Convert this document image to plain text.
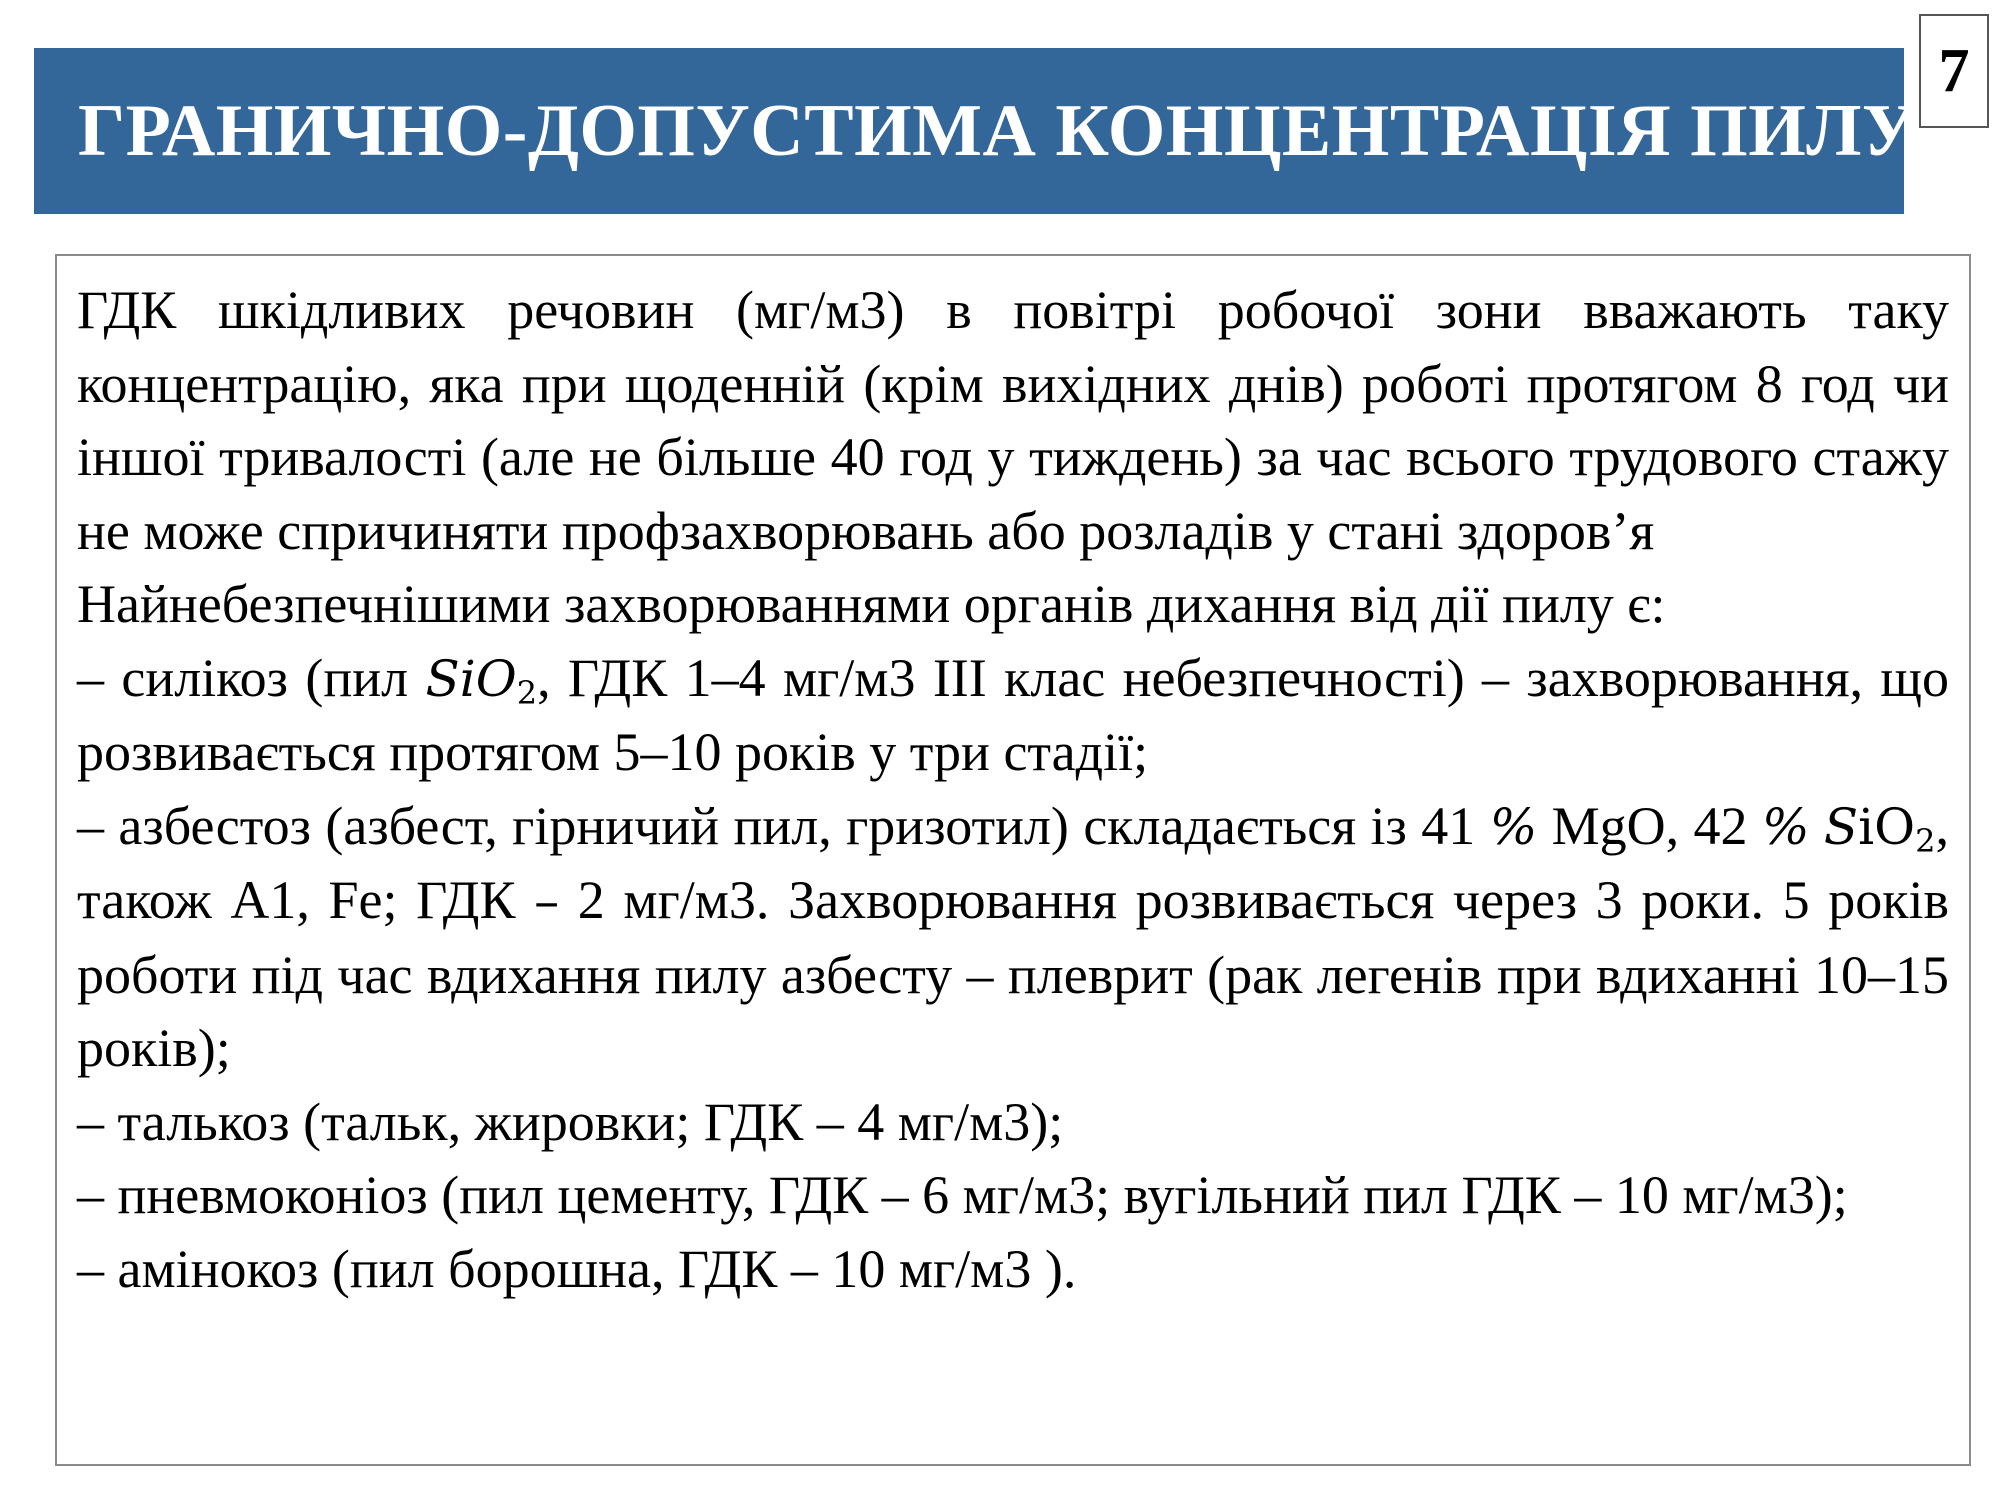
ГРАНИЧНО-ДОПУСТИМА КОНЦЕНТРАЦІЯ ПИЛУ
7

ГДК шкідливих речовин (мг/м3) в повітрі робочої зони вважають таку концентрацію, яка при щоденній (крім вихідних днів) роботі протягом 8 год чи іншої тривалості (але не більше 40 год у тиждень) за час всього трудового стажу не може спричиняти профзахворювань або розладів у стані здоров’я

Найнебезпечнішими захворюваннями органів дихання від дії пилу є:

– силікоз (пил SiO$_2$, ГДК 1–4 мг/м3 ІІІ клас небезпечності) – захворювання, що розвивається протягом 5–10 років у три стадії;

– азбестоз (азбест, гірничий пил, гризотил) складається із 41 % MgO, 42 % SiO$_2$, також A1, Fe; ГДК – 2 мг/м3. Захворювання розвивається через 3 роки. 5 років роботи під час вдихання пилу азбесту – плеврит (рак легенів при вдиханні 10–15 років);

– талькоз (тальк, жировки; ГДК – 4 мг/м3);

– пневмоконіоз (пил цементу, ГДК – 6 мг/м3; вугільний пил ГДК – 10 мг/м3);

– амінокоз (пил борошна, ГДК – 10 мг/м3 ).
